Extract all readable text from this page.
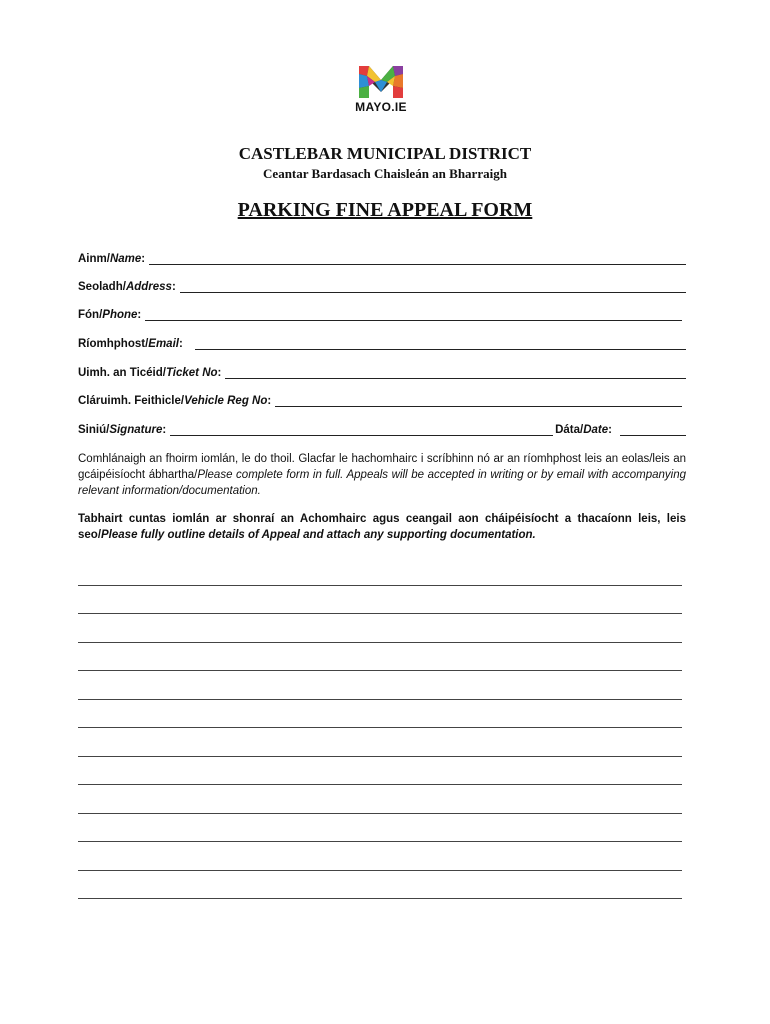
MAYO.IE
CASTLEBAR MUNICIPAL DISTRICT
Ceantar Bardasach Chaisleán an Bharraigh
PARKING FINE APPEAL FORM
Ainm/Name:
Seoladh/Address:
Fón/Phone:
Ríomhphost/Email:
Uimh. an Ticéid/Ticket No:
Cláruimh. Feithicle/Vehicle Reg No:
Siniú/Signature:	Dáta/Date:
Comhlánaigh an fhoirm iomlán, le do thoil. Glacfar le hachomhairc i scríbhinn nó ar an ríomhphost leis an eolas/leis an gcáipéisíocht ábhartha/Please complete form in full. Appeals will be accepted in writing or by email with accompanying relevant information/documentation.
Tabhairt cuntas iomlán ar shonraí an Achomhairc agus ceangail aon cháipéisíocht a thacaíonn leis, leis seo/Please fully outline details of Appeal and attach any supporting documentation.
